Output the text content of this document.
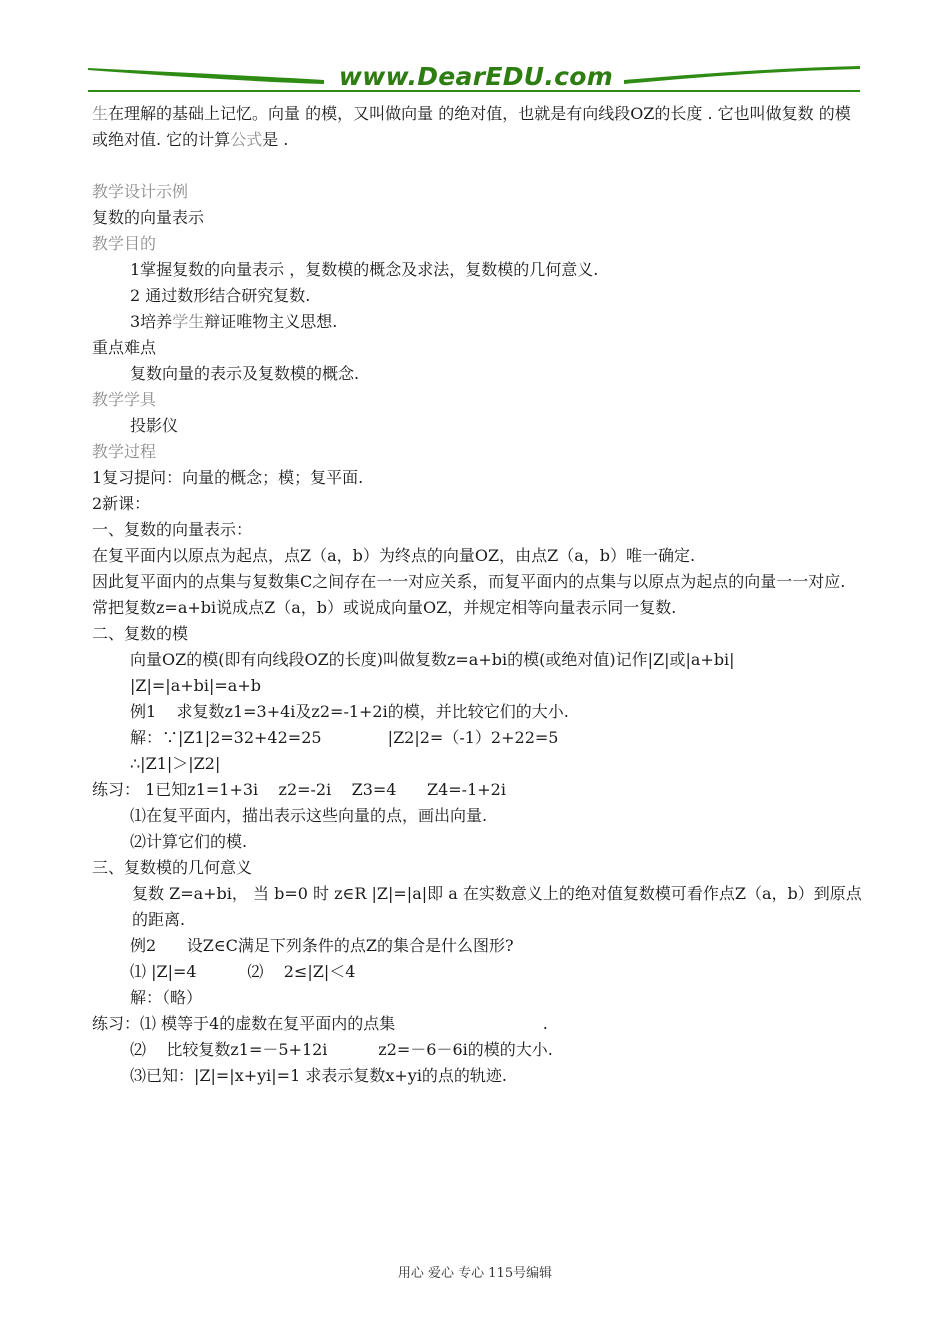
www.DearEDU.com
生在理解的基础上记忆。向量 的模，又叫做向量 的绝对值，也就是有向线段OZ的长度 . 它也叫做复数 的模或绝对值. 它的计算公式是 .
教学设计示例
复数的向量表示
教学目的
1掌握复数的向量表示 ，复数模的概念及求法，复数模的几何意义.
2 通过数形结合研究复数.
3培养学生辩证唯物主义思想.
重点难点
复数向量的表示及复数模的概念.
教学学具
投影仪
教学过程
1复习提问：向量的概念；模；复平面.
2新课：
一、复数的向量表示：
在复平面内以原点为起点，点Z（a，b）为终点的向量OZ，由点Z（a，b）唯一确定.
因此复平面内的点集与复数集C之间存在一一对应关系，而复平面内的点集与以原点为起点的向量一一对应.
常把复数z=a+bi说成点Z（a，b）或说成向量OZ，并规定相等向量表示同一复数.
二、复数的模
向量OZ的模(即有向线段OZ的长度)叫做复数z=a+bi的模(或绝对值)记作|Z|或|a+bi|
|Z|=|a+bi|=a+b
例1    求复数z1=3+4i及z2=-1+2i的模，并比较它们的大小.
解：∵|Z1|2=32+42=25             |Z2|2=（-1）2+22=5
∴|Z1|＞|Z2|
练习： 1已知z1=1+3i    z2=-2i    Z3=4      Z4=-1+2i
⑴在复平面内，描出表示这些向量的点，画出向量.
⑵计算它们的模.
三、复数模的几何意义
复数 Z=a+bi， 当 b=0 时 z∈R |Z|=|a|即 a 在实数意义上的绝对值复数模可看作点Z（a，b）到原点的距离.
例2      设Z∈C满足下列条件的点Z的集合是什么图形?
⑴ |Z|=4          ⑵    2≤|Z|＜4
解：（略）
练习：⑴ 模等于4的虚数在复平面内的点集                             .
⑵    比较复数z1=－5+12i          z2=－6－6i的模的大小.
⑶已知：|Z|=|x+yi|=1 求表示复数x+yi的点的轨迹.
用心 爱心 专心 115号编辑
